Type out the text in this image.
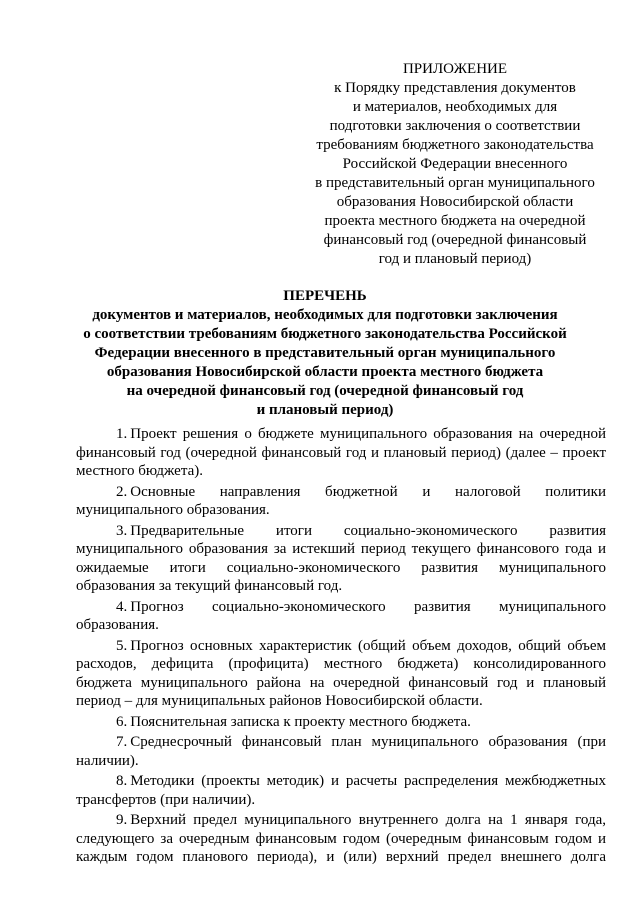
ПРИЛОЖЕНИЕ

к Порядку представления документов
и материалов, необходимых для
подготовки заключения о соответствии
требованиям бюджетного законодательства
Российской Федерации внесенного
в представительный орган муниципального
образования Новосибирской области
проекта местного бюджета на очередной
финансовый год (очередной финансовый
год и плановый период)
ПЕРЕЧЕНЬ
документов и материалов, необходимых для подготовки заключения
о соответствии требованиям бюджетного законодательства Российской
Федерации внесенного в представительный орган муниципального
образования Новосибирской области проекта местного бюджета
на очередной финансовый год (очередной финансовый год
и плановый период)

1. Проект решения о бюджете муниципального образования на очередной финансовый год (очередной финансовый год и плановый период) (далее – проект местного бюджета).

2. Основные направления бюджетной и налоговой политики муниципального образования.

3. Предварительные итоги социально-экономического развития муниципального образования за истекший период текущего финансового года и ожидаемые итоги социально-экономического развития муниципального образования за текущий финансовый год.

4. Прогноз социально-экономического развития муниципального образования.

5. Прогноз основных характеристик (общий объем доходов, общий объем расходов, дефицита (профицита) местного бюджета) консолидированного бюджета муниципального района на очередной финансовый год и плановый период – для муниципальных районов Новосибирской области.

6. Пояснительная записка к проекту местного бюджета.

7. Среднесрочный финансовый план муниципального образования (при наличии).

8. Методики (проекты методик) и расчеты распределения межбюджетных трансфертов (при наличии).

9. Верхний предел муниципального внутреннего долга на 1 января года, следующего за очередным финансовым годом (очередным финансовым годом и каждым годом планового периода), и (или) верхний предел внешнего долга
